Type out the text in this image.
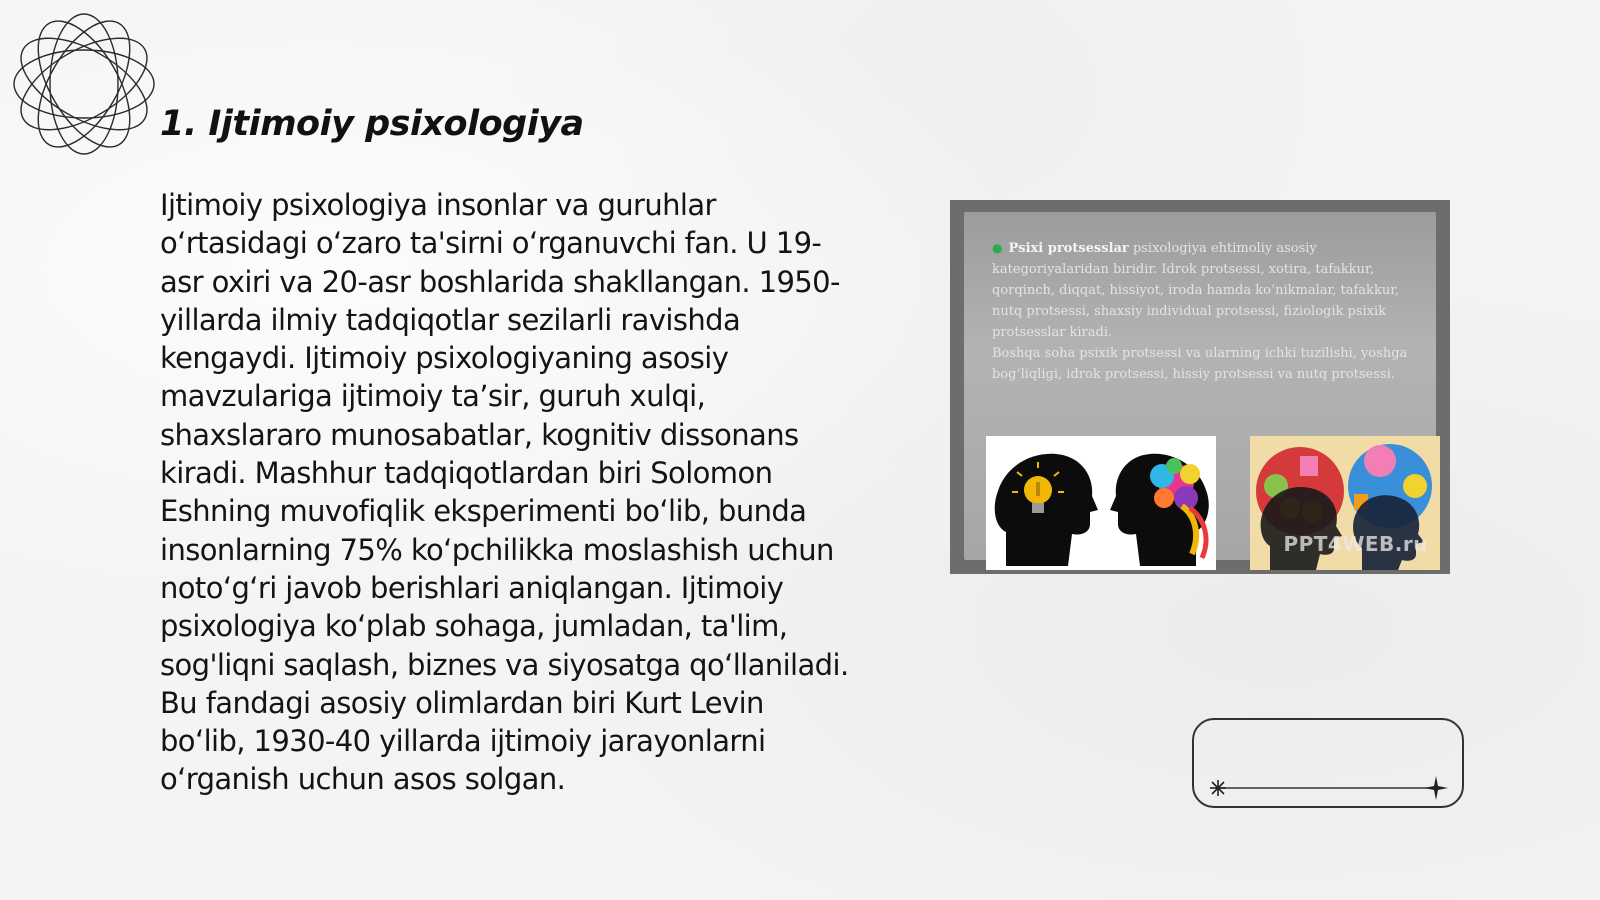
1. Ijtimoiy psixologiya

Ijtimoiy psixologiya insonlar va guruhlar o‘rtasidagi o‘zaro ta'sirni o‘rganuvchi fan. U 19-asr oxiri va 20-asr boshlarida shakllangan. 1950-yillarda ilmiy tadqiqotlar sezilarli ravishda kengaydi. Ijtimoiy psixologiyaning asosiy mavzulariga ijtimoiy ta’sir, guruh xulqi, shaxslararo munosabatlar, kognitiv dissonans kiradi. Mashhur tadqiqotlardan biri Solomon Eshning muvofiqlik eksperimenti bo‘lib, bunda insonlarning 75% ko‘pchilikka moslashish uchun noto‘g‘ri javob berishlari aniqlangan. Ijtimoiy psixologiya ko‘plab sohaga, jumladan, ta'lim, sog'liqni saqlash, biznes va siyosatga qo‘llaniladi. Bu fandagi asosiy olimlardan biri Kurt Levin bo‘lib, 1930-40 yillarda ijtimoiy jarayonlarni o‘rganish uchun asos solgan.

● Psixi protsesslar psixologiya ehtimoliy asosiy
kategoriyalaridan biridir. Idrok protsessi, xotira, tafakkur,
qorqinch, diqqat, hissiyot, iroda hamda ko‘nikmalar, tafakkur,
nutq protsessi, shaxsiy individual protsessi, fiziologik psixik
protsesslar kiradi.
Boshqa soha psixik protsessi va ularning ichki tuzilishi, yoshga
bog‘liqligi, idrok protsessi, hissiy protsessi va nutq protsessi.
PPT4WEB.ru
